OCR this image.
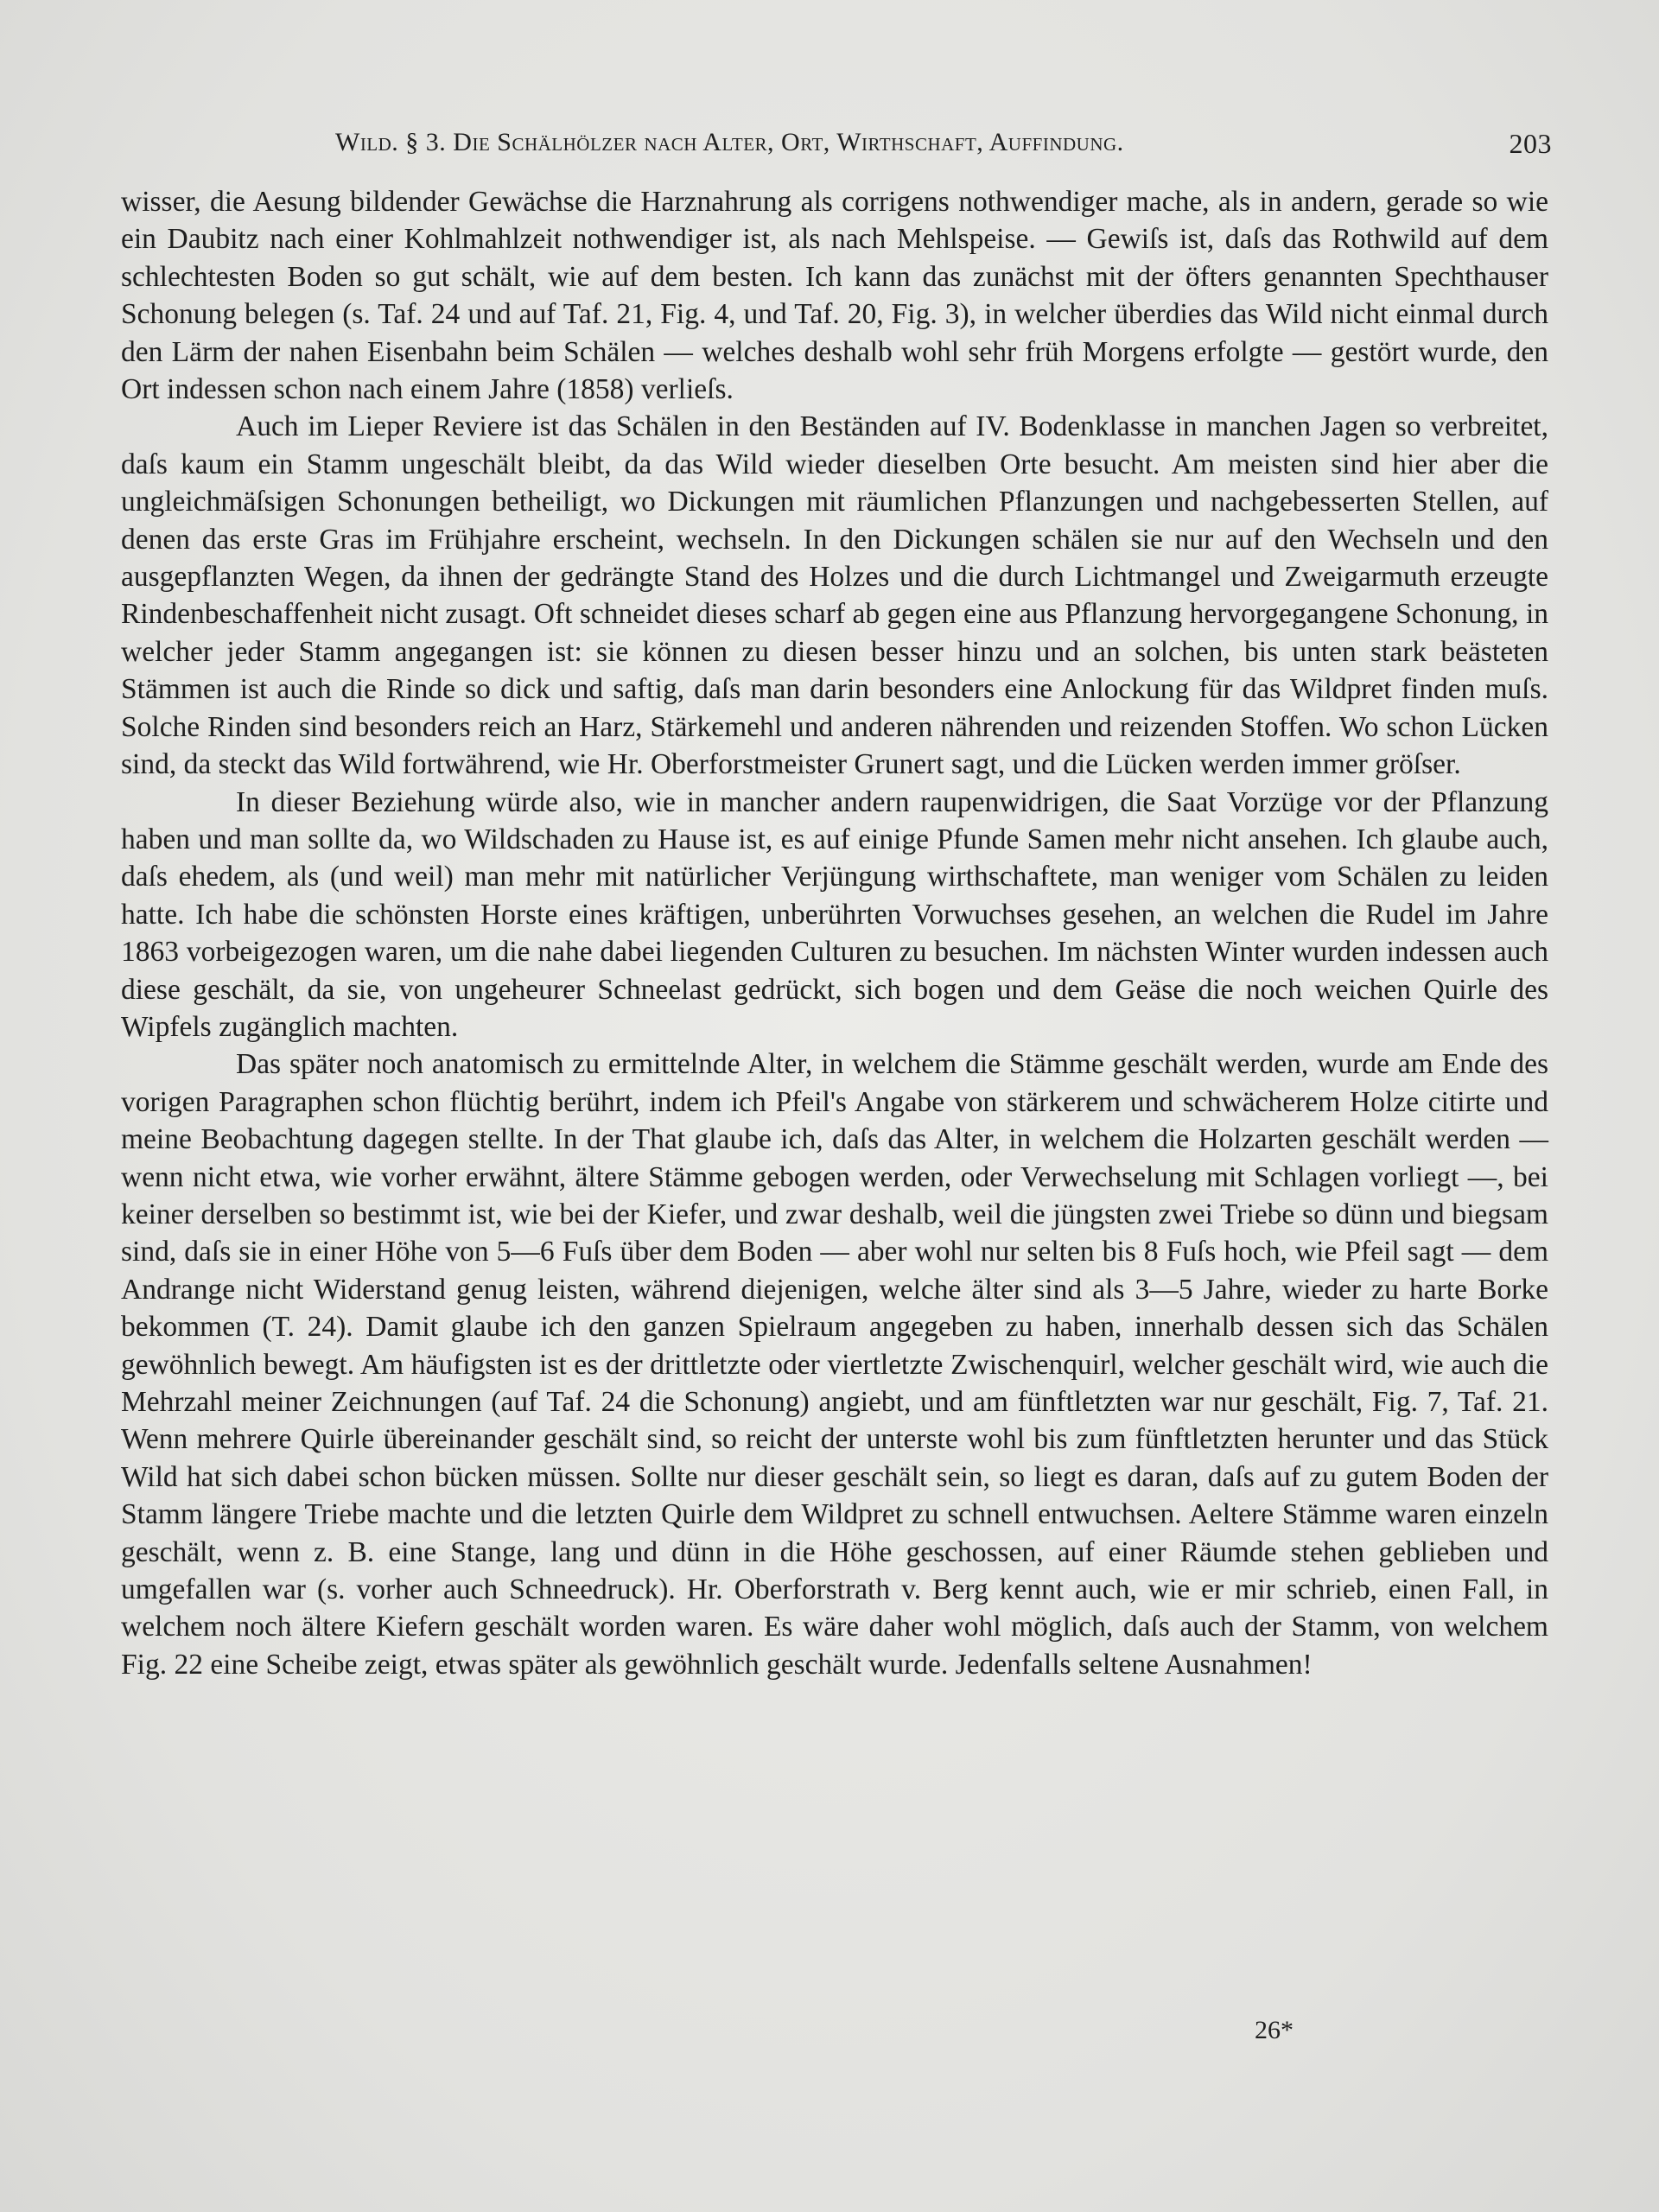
Wild. § 3. Die Schälhölzer nach Alter, Ort, Wirthschaft, Auffindung.	203

wisser, die Aesung bildender Gewächse die Harznahrung als corrigens nothwendiger mache, als in andern, gerade so wie ein Daubitz nach einer Kohlmahlzeit nothwendiger ist, als nach Mehlspeise. — Gewiſs ist, daſs das Rothwild auf dem schlechtesten Boden so gut schält, wie auf dem besten. Ich kann das zunächst mit der öfters genannten Spechthauser Schonung belegen (s. Taf. 24 und auf Taf. 21, Fig. 4, und Taf. 20, Fig. 3), in welcher überdies das Wild nicht einmal durch den Lärm der nahen Eisenbahn beim Schälen — welches deshalb wohl sehr früh Morgens erfolgte — gestört wurde, den Ort indessen schon nach einem Jahre (1858) verlieſs.

Auch im Lieper Reviere ist das Schälen in den Beständen auf IV. Bodenklasse in manchen Jagen so verbreitet, daſs kaum ein Stamm ungeschält bleibt, da das Wild wieder dieselben Orte besucht. Am meisten sind hier aber die ungleichmäſsigen Schonungen betheiligt, wo Dickungen mit räumlichen Pflanzungen und nachgebesserten Stellen, auf denen das erste Gras im Frühjahre erscheint, wechseln. In den Dickungen schälen sie nur auf den Wechseln und den ausgepflanzten Wegen, da ihnen der gedrängte Stand des Holzes und die durch Lichtmangel und Zweigarmuth erzeugte Rindenbeschaffenheit nicht zusagt. Oft schneidet dieses scharf ab gegen eine aus Pflanzung hervorgegangene Schonung, in welcher jeder Stamm angegangen ist: sie können zu diesen besser hinzu und an solchen, bis unten stark beästeten Stämmen ist auch die Rinde so dick und saftig, daſs man darin besonders eine Anlockung für das Wildpret finden muſs. Solche Rinden sind besonders reich an Harz, Stärkemehl und anderen nährenden und reizenden Stoffen. Wo schon Lücken sind, da steckt das Wild fortwährend, wie Hr. Oberforstmeister Grunert sagt, und die Lücken werden immer gröſser.

In dieser Beziehung würde also, wie in mancher andern raupenwidrigen, die Saat Vorzüge vor der Pflanzung haben und man sollte da, wo Wildschaden zu Hause ist, es auf einige Pfunde Samen mehr nicht ansehen. Ich glaube auch, daſs ehedem, als (und weil) man mehr mit natürlicher Verjüngung wirthschaftete, man weniger vom Schälen zu leiden hatte. Ich habe die schönsten Horste eines kräftigen, unberührten Vorwuchses gesehen, an welchen die Rudel im Jahre 1863 vorbeigezogen waren, um die nahe dabei liegenden Culturen zu besuchen. Im nächsten Winter wurden indessen auch diese geschält, da sie, von ungeheurer Schneelast gedrückt, sich bogen und dem Geäse die noch weichen Quirle des Wipfels zugänglich machten.

Das später noch anatomisch zu ermittelnde Alter, in welchem die Stämme geschält werden, wurde am Ende des vorigen Paragraphen schon flüchtig berührt, indem ich Pfeil's Angabe von stärkerem und schwächerem Holze citirte und meine Beobachtung dagegen stellte. In der That glaube ich, daſs das Alter, in welchem die Holzarten geschält werden — wenn nicht etwa, wie vorher erwähnt, ältere Stämme gebogen werden, oder Verwechselung mit Schlagen vorliegt —, bei keiner derselben so bestimmt ist, wie bei der Kiefer, und zwar deshalb, weil die jüngsten zwei Triebe so dünn und biegsam sind, daſs sie in einer Höhe von 5—6 Fuſs über dem Boden — aber wohl nur selten bis 8 Fuſs hoch, wie Pfeil sagt — dem Andrange nicht Widerstand genug leisten, während diejenigen, welche älter sind als 3—5 Jahre, wieder zu harte Borke bekommen (T. 24). Damit glaube ich den ganzen Spielraum angegeben zu haben, innerhalb dessen sich das Schälen gewöhnlich bewegt. Am häufigsten ist es der drittletzte oder viertletzte Zwischenquirl, welcher geschält wird, wie auch die Mehrzahl meiner Zeichnungen (auf Taf. 24 die Schonung) angiebt, und am fünftletzten war nur geschält, Fig. 7, Taf. 21. Wenn mehrere Quirle übereinander geschält sind, so reicht der unterste wohl bis zum fünftletzten herunter und das Stück Wild hat sich dabei schon bücken müssen. Sollte nur dieser geschält sein, so liegt es daran, daſs auf zu gutem Boden der Stamm längere Triebe machte und die letzten Quirle dem Wildpret zu schnell entwuchsen. Aeltere Stämme waren einzeln geschält, wenn z. B. eine Stange, lang und dünn in die Höhe geschossen, auf einer Räumde stehen geblieben und umgefallen war (s. vorher auch Schneedruck). Hr. Oberforstrath v. Berg kennt auch, wie er mir schrieb, einen Fall, in welchem noch ältere Kiefern geschält worden waren. Es wäre daher wohl möglich, daſs auch der Stamm, von welchem Fig. 22 eine Scheibe zeigt, etwas später als gewöhnlich geschält wurde. Jedenfalls seltene Ausnahmen!

26*
